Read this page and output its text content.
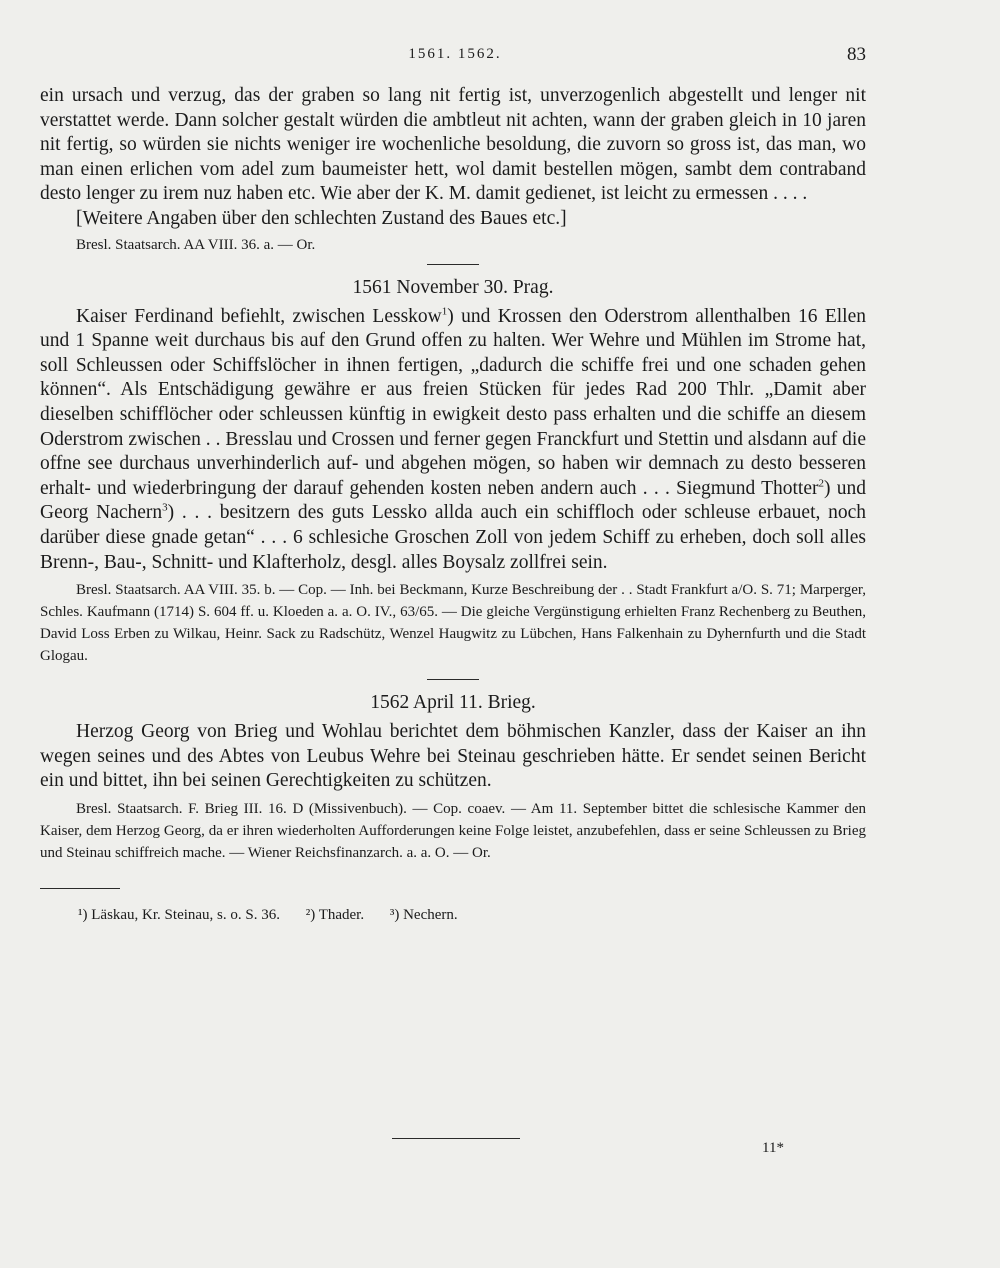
1561. 1562.	83

ein ursach und verzug, das der graben so lang nit fertig ist, unverzogenlich abgestellt und lenger nit verstattet werde. Dann solcher gestalt würden die ambtleut nit achten, wann der graben gleich in 10 jaren nit fertig, so würden sie nichts weniger ire wochenliche besoldung, die zuvorn so gross ist, das man, wo man einen erlichen vom adel zum baumeister hett, wol damit bestellen mögen, sambt dem contraband desto lenger zu irem nuz haben etc. Wie aber der K. M. damit gedienet, ist leicht zu ermessen . . . .

[Weitere Angaben über den schlechten Zustand des Baues etc.]

Bresl. Staatsarch. AA VIII. 36. a. — Or.

1561 November 30. Prag.

Kaiser Ferdinand befiehlt, zwischen Lesskow$^1$) und Krossen den Oderstrom allenthalben 16 Ellen und 1 Spanne weit durchaus bis auf den Grund offen zu halten. Wer Wehre und Mühlen im Strome hat, soll Schleussen oder Schiffslöcher in ihnen fertigen, „dadurch die schiffe frei und one schaden gehen können“. Als Entschädigung gewähre er aus freien Stücken für jedes Rad 200 Thlr. „Damit aber dieselben schifflöcher oder schleussen künftig in ewigkeit desto pass erhalten und die schiffe an diesem Oderstrom zwischen . . Bresslau und Crossen und ferner gegen Franckfurt und Stettin und alsdann auf die offne see durchaus unverhinderlich auf- und abgehen mögen, so haben wir demnach zu desto besseren erhalt- und wiederbringung der darauf gehenden kosten neben andern auch . . . Siegmund Thotter$^2$) und Georg Nachern$^3$) . . . besitzern des guts Lessko allda auch ein schiffloch oder schleuse erbauet, noch darüber diese gnade getan“ . . . 6 schlesiche Groschen Zoll von jedem Schiff zu erheben, doch soll alles Brenn-, Bau-, Schnitt- und Klafterholz, desgl. alles Boysalz zollfrei sein.

Bresl. Staatsarch. AA VIII. 35. b. — Cop. — Inh. bei Beckmann, Kurze Beschreibung der . . Stadt Frankfurt a/O. S. 71; Marperger, Schles. Kaufmann (1714) S. 604 ff. u. Kloeden a. a. O. IV., 63/65. — Die gleiche Vergünstigung erhielten Franz Rechenberg zu Beuthen, David Loss Erben zu Wilkau, Heinr. Sack zu Radschütz, Wenzel Haugwitz zu Lübchen, Hans Falkenhain zu Dyhernfurth und die Stadt Glogau.

1562 April 11. Brieg.

Herzog Georg von Brieg und Wohlau berichtet dem böhmischen Kanzler, dass der Kaiser an ihn wegen seines und des Abtes von Leubus Wehre bei Steinau geschrieben hätte. Er sendet seinen Bericht ein und bittet, ihn bei seinen Gerechtigkeiten zu schützen.

Bresl. Staatsarch. F. Brieg III. 16. D (Missivenbuch). — Cop. coaev. — Am 11. September bittet die schlesische Kammer den Kaiser, dem Herzog Georg, da er ihren wiederholten Aufforderungen keine Folge leistet, anzubefehlen, dass er seine Schleussen zu Brieg und Steinau schiffreich mache. — Wiener Reichsfinanzarch. a. a. O. — Or.

¹) Läskau, Kr. Steinau, s. o. S. 36. ²) Thader. ³) Nechern.
11*
